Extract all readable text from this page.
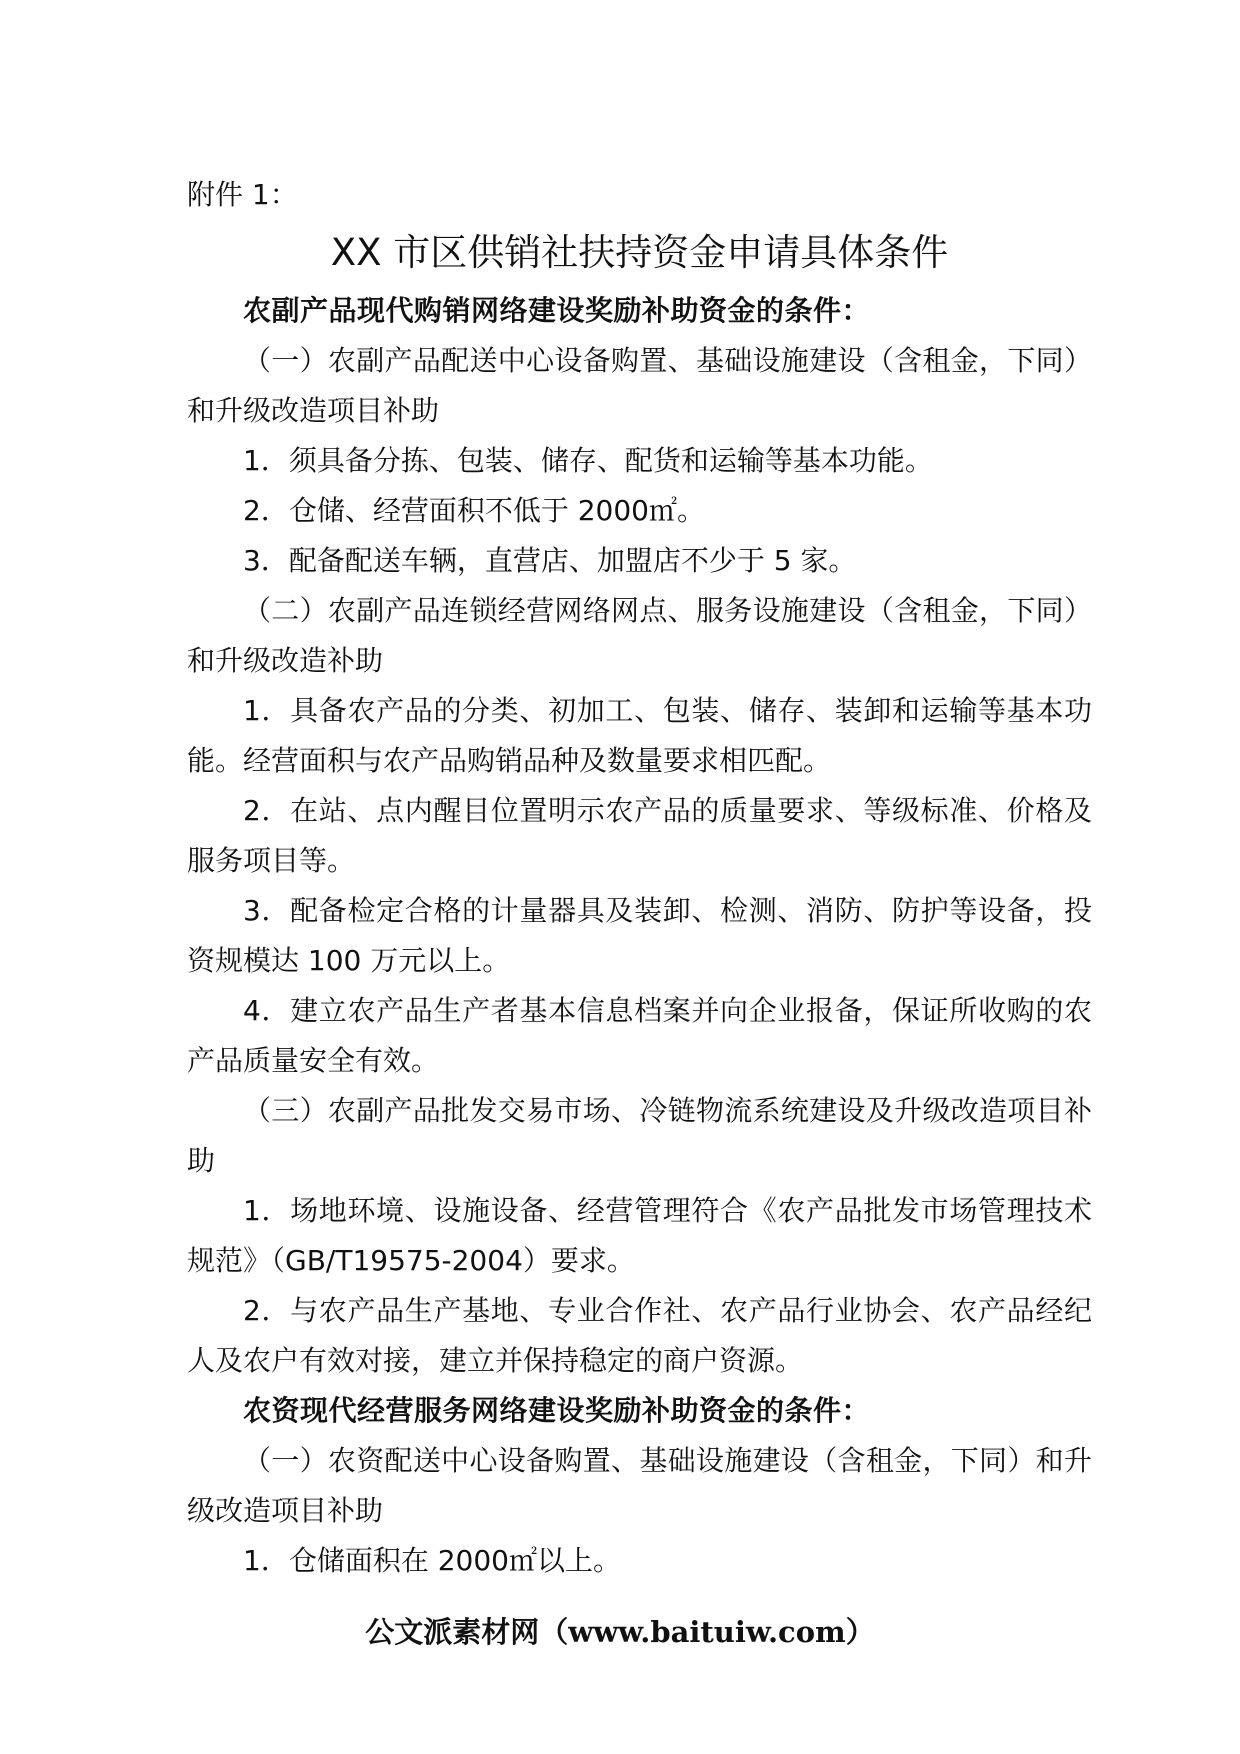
附件 1：

XX 市区供销社扶持资金申请具体条件

农副产品现代购销网络建设奖励补助资金的条件：

（一）农副产品配送中心设备购置、基础设施建设（含租金，下同）和升级改造项目补助

1．须具备分拣、包装、储存、配货和运输等基本功能。

2．仓储、经营面积不低于 2000㎡。

3．配备配送车辆，直营店、加盟店不少于 5 家。

（二）农副产品连锁经营网络网点、服务设施建设（含租金，下同）和升级改造补助

1．具备农产品的分类、初加工、包装、储存、装卸和运输等基本功能。经营面积与农产品购销品种及数量要求相匹配。

2．在站、点内醒目位置明示农产品的质量要求、等级标准、价格及服务项目等。

3．配备检定合格的计量器具及装卸、检测、消防、防护等设备，投资规模达 100 万元以上。

4．建立农产品生产者基本信息档案并向企业报备，保证所收购的农产品质量安全有效。

（三）农副产品批发交易市场、冷链物流系统建设及升级改造项目补助

1．场地环境、设施设备、经营管理符合《农产品批发市场管理技术规范》（GB/T19575-2004）要求。

2．与农产品生产基地、专业合作社、农产品行业协会、农产品经纪人及农户有效对接，建立并保持稳定的商户资源。

农资现代经营服务网络建设奖励补助资金的条件：

（一）农资配送中心设备购置、基础设施建设（含租金，下同）和升级改造项目补助

1．仓储面积在 2000㎡以上。

公文派素材网（www.baituiw.com）
